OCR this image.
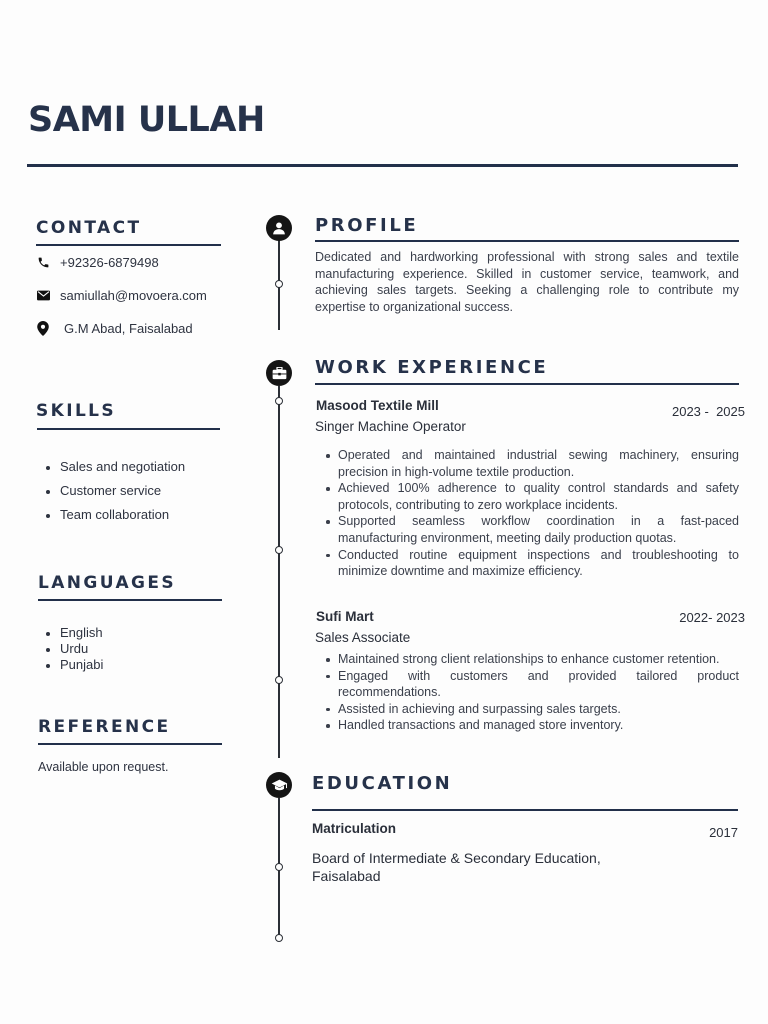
SAMI ULLAH
CONTACT
+92326-6879498
samiullah@movoera.com
G.M Abad, Faisalabad
SKILLS
Sales and negotiation
Customer service
Team collaboration
LANGUAGES
English
Urdu
Punjabi
REFERENCE
Available upon request.
PROFILE
Dedicated and hardworking professional with strong sales and textile manufacturing experience. Skilled in customer service, teamwork, and achieving sales targets. Seeking a challenging role to contribute my expertise to organizational success.
WORK EXPERIENCE
Masood Textile Mill	2023 -  2025
Singer Machine Operator
Operated and maintained industrial sewing machinery, ensuring precision in high-volume textile production.
Achieved 100% adherence to quality control standards and safety protocols, contributing to zero workplace incidents.
Supported seamless workflow coordination in a fast-paced manufacturing environment, meeting daily production quotas.
Conducted routine equipment inspections and troubleshooting to minimize downtime and maximize efficiency.
Sufi Mart	2022- 2023
Sales Associate
Maintained strong client relationships to enhance customer retention.
Engaged with customers and provided tailored product recommendations.
Assisted in achieving and surpassing sales targets.
Handled transactions and managed store inventory.
EDUCATION
Matriculation	2017
Board of Intermediate & Secondary Education, Faisalabad
